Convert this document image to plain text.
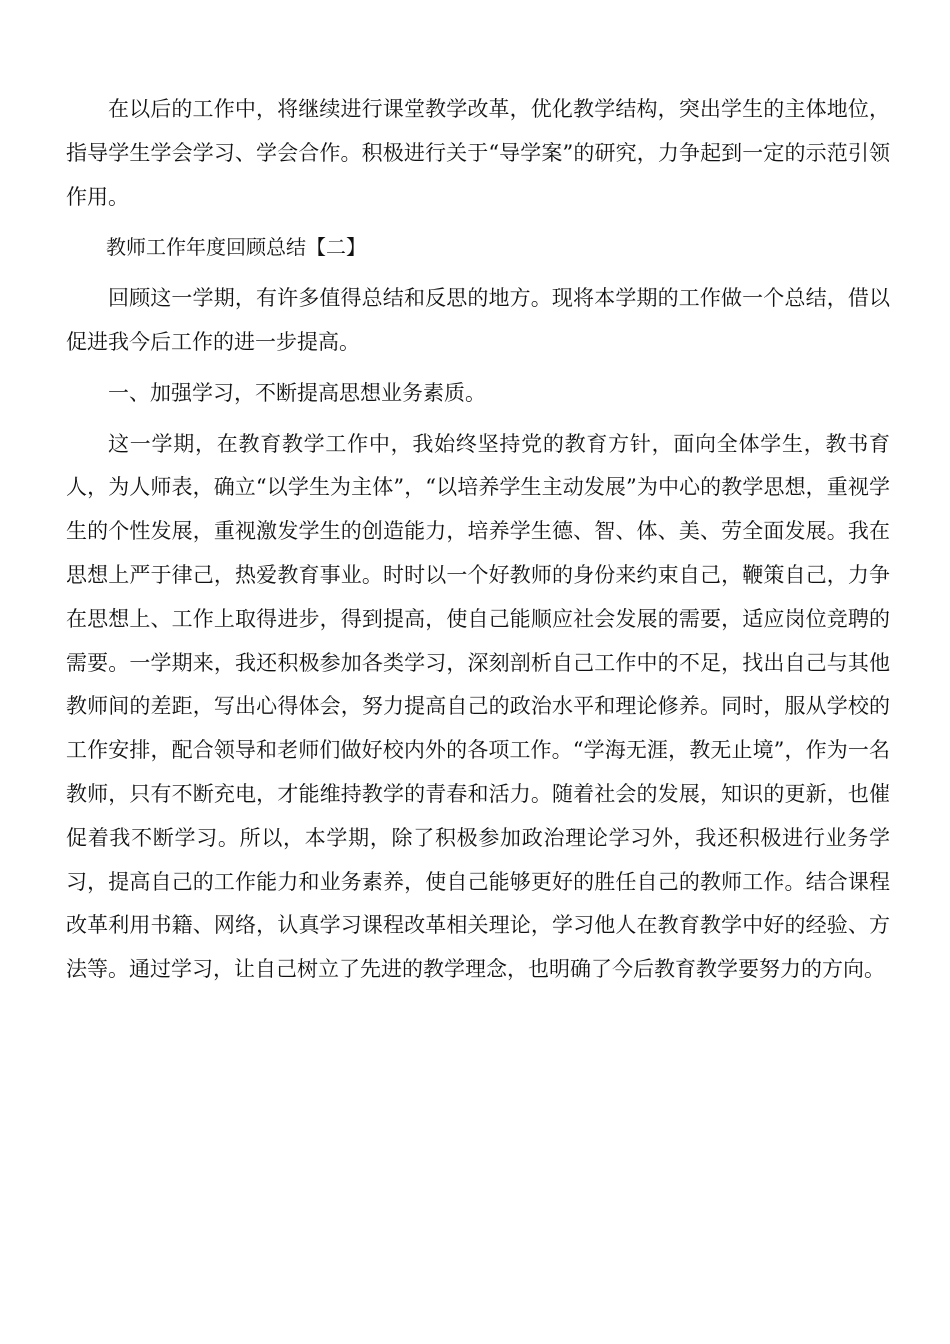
在以后的工作中，将继续进行课堂教学改革，优化教学结构，突出学生的主体地位，指导学生学会学习、学会合作。积极进行关于“导学案”的研究，力争起到一定的示范引领作用。

教师工作年度回顾总结【二】

回顾这一学期，有许多值得总结和反思的地方。现将本学期的工作做一个总结，借以促进我今后工作的进一步提高。

一、加强学习，不断提高思想业务素质。

这一学期，在教育教学工作中，我始终坚持党的教育方针，面向全体学生，教书育人，为人师表，确立“以学生为主体”，“以培养学生主动发展”为中心的教学思想，重视学生的个性发展，重视激发学生的创造能力，培养学生德、智、体、美、劳全面发展。我在思想上严于律己，热爱教育事业。时时以一个好教师的身份来约束自己，鞭策自己，力争在思想上、工作上取得进步，得到提高，使自己能顺应社会发展的需要，适应岗位竞聘的需要。一学期来，我还积极参加各类学习，深刻剖析自己工作中的不足，找出自己与其他教师间的差距，写出心得体会，努力提高自己的政治水平和理论修养。同时，服从学校的工作安排，配合领导和老师们做好校内外的各项工作。“学海无涯，教无止境”，作为一名教师，只有不断充电，才能维持教学的青春和活力。随着社会的发展，知识的更新，也催促着我不断学习。所以，本学期，除了积极参加政治理论学习外，我还积极进行业务学习，提高自己的工作能力和业务素养，使自己能够更好的胜任自己的教师工作。结合课程改革利用书籍、网络，认真学习课程改革相关理论，学习他人在教育教学中好的经验、方法等。通过学习，让自己树立了先进的教学理念，也明确了今后教育教学要努力的方向。
